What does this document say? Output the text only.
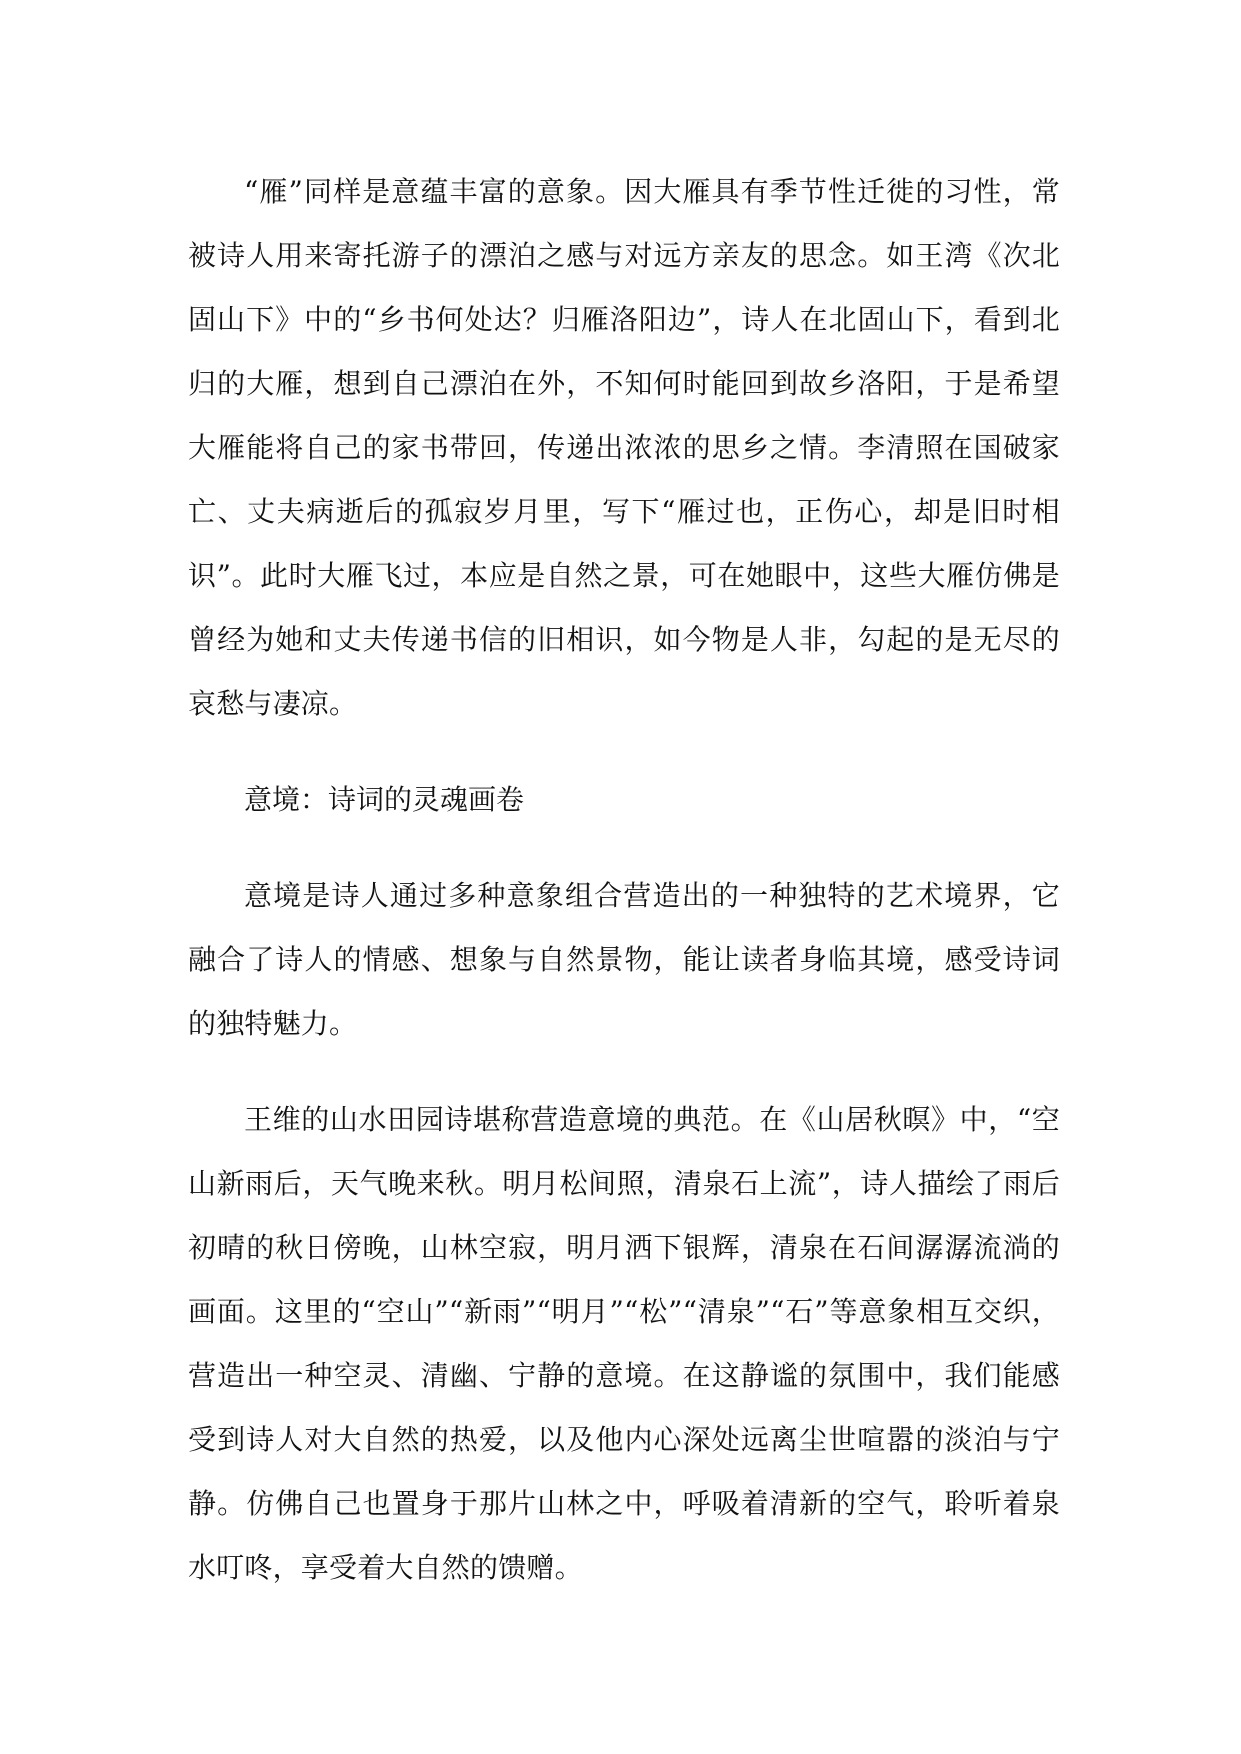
“雁”同样是意蕴丰富的意象。因大雁具有季节性迁徙的习性，常被诗人用来寄托游子的漂泊之感与对远方亲友的思念。如王湾《次北固山下》中的“乡书何处达？归雁洛阳边”，诗人在北固山下，看到北归的大雁，想到自己漂泊在外，不知何时能回到故乡洛阳，于是希望大雁能将自己的家书带回，传递出浓浓的思乡之情。李清照在国破家亡、丈夫病逝后的孤寂岁月里，写下“雁过也，正伤心，却是旧时相识”。此时大雁飞过，本应是自然之景，可在她眼中，这些大雁仿佛是曾经为她和丈夫传递书信的旧相识，如今物是人非，勾起的是无尽的哀愁与凄凉。

意境：诗词的灵魂画卷

意境是诗人通过多种意象组合营造出的一种独特的艺术境界，它融合了诗人的情感、想象与自然景物，能让读者身临其境，感受诗词的独特魅力。

王维的山水田园诗堪称营造意境的典范。在《山居秋暝》中，“空山新雨后，天气晚来秋。明月松间照，清泉石上流”，诗人描绘了雨后初晴的秋日傍晚，山林空寂，明月洒下银辉，清泉在石间潺潺流淌的画面。这里的“空山”“新雨”“明月”“松”“清泉”“石”等意象相互交织，营造出一种空灵、清幽、宁静的意境。在这静谧的氛围中，我们能感受到诗人对大自然的热爱，以及他内心深处远离尘世喧嚣的淡泊与宁静。仿佛自己也置身于那片山林之中，呼吸着清新的空气，聆听着泉水叮咚，享受着大自然的馈赠。
